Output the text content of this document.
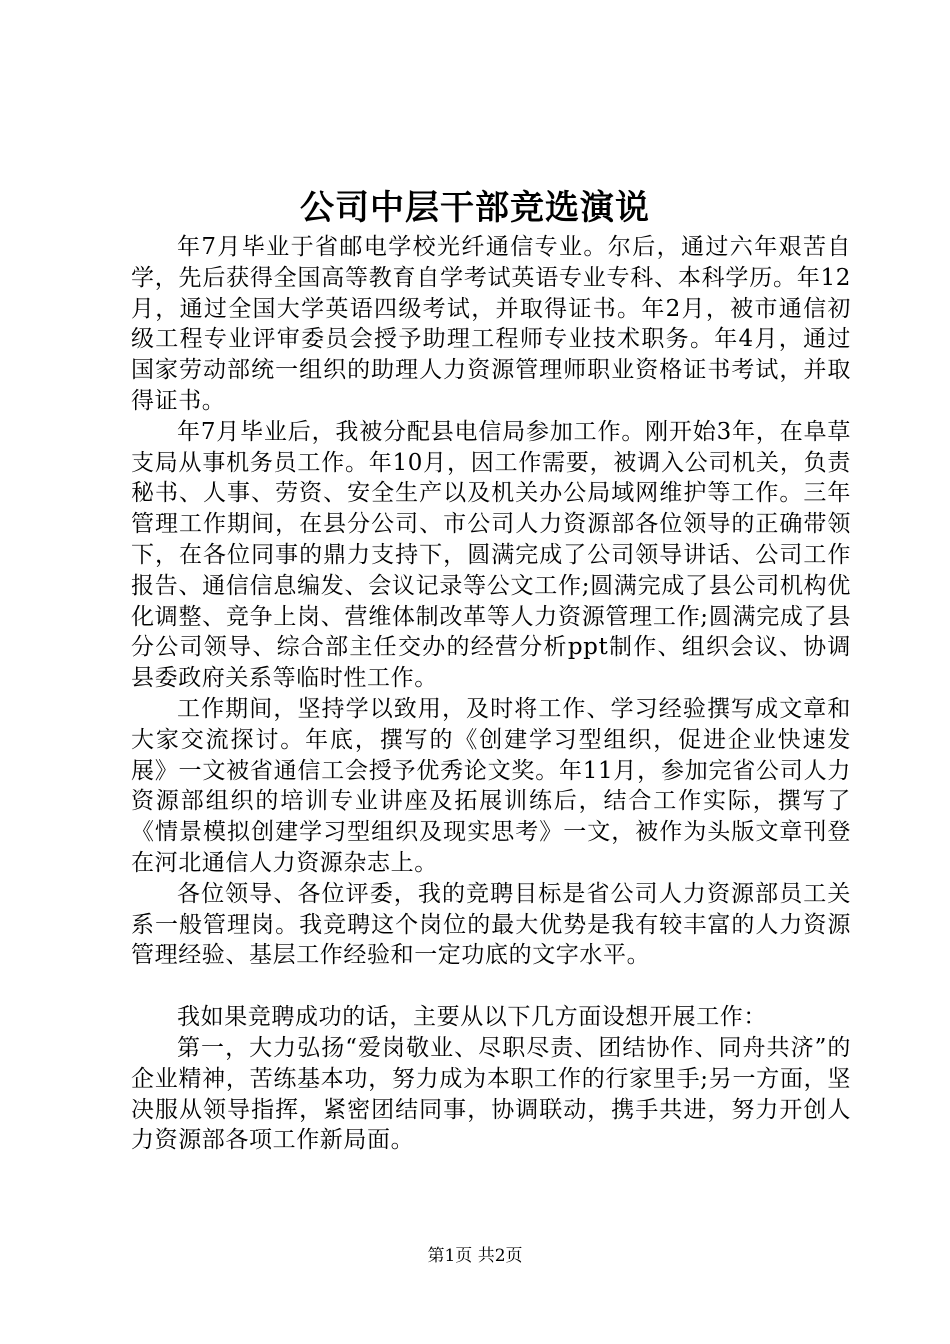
公司中层干部竞选演说

年7月毕业于省邮电学校光纤通信专业。尔后，通过六年艰苦自学，先后获得全国高等教育自学考试英语专业专科、本科学历。年12月，通过全国大学英语四级考试，并取得证书。年2月，被市通信初级工程专业评审委员会授予助理工程师专业技术职务。年4月，通过国家劳动部统一组织的助理人力资源管理师职业资格证书考试，并取得证书。

年7月毕业后，我被分配县电信局参加工作。刚开始3年，在阜草支局从事机务员工作。年10月，因工作需要，被调入公司机关，负责秘书、人事、劳资、安全生产以及机关办公局域网维护等工作。三年管理工作期间，在县分公司、市公司人力资源部各位领导的正确带领下，在各位同事的鼎力支持下，圆满完成了公司领导讲话、公司工作报告、通信信息编发、会议记录等公文工作;圆满完成了县公司机构优化调整、竞争上岗、营维体制改革等人力资源管理工作;圆满完成了县分公司领导、综合部主任交办的经营分析ppt制作、组织会议、协调县委政府关系等临时性工作。

工作期间，坚持学以致用，及时将工作、学习经验撰写成文章和大家交流探讨。年底，撰写的《创建学习型组织，促进企业快速发展》一文被省通信工会授予优秀论文奖。年11月，参加完省公司人力资源部组织的培训专业讲座及拓展训练后，结合工作实际，撰写了《情景模拟创建学习型组织及现实思考》一文，被作为头版文章刊登在河北通信人力资源杂志上。

各位领导、各位评委，我的竞聘目标是省公司人力资源部员工关系一般管理岗。我竞聘这个岗位的最大优势是我有较丰富的人力资源管理经验、基层工作经验和一定功底的文字水平。

我如果竞聘成功的话，主要从以下几方面设想开展工作：

第一，大力弘扬“爱岗敬业、尽职尽责、团结协作、同舟共济”的企业精神，苦练基本功，努力成为本职工作的行家里手;另一方面，坚决服从领导指挥，紧密团结同事，协调联动，携手共进，努力开创人力资源部各项工作新局面。

第1页 共2页
